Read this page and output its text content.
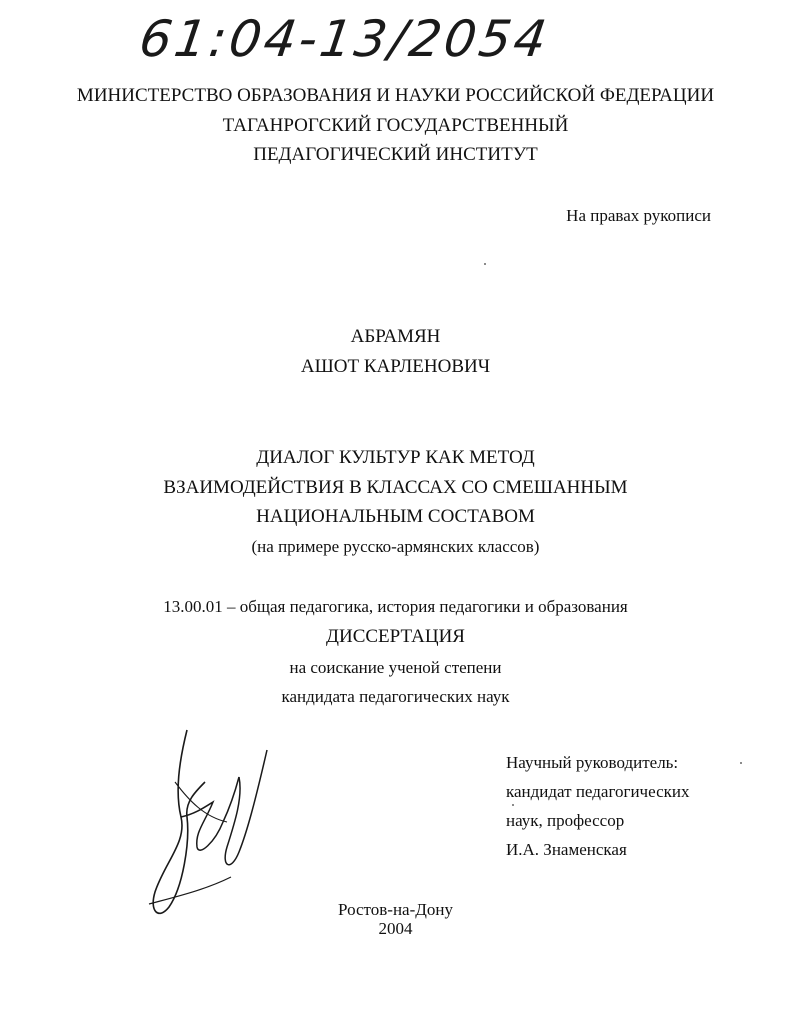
61:04-13/2054
МИНИСТЕРСТВО ОБРАЗОВАНИЯ И НАУКИ РОССИЙСКОЙ ФЕДЕРАЦИИ
ТАГАНРОГСКИЙ ГОСУДАРСТВЕННЫЙ
ПЕДАГОГИЧЕСКИЙ ИНСТИТУТ
На правах рукописи
АБРАМЯН
АШОТ КАРЛЕНОВИЧ
ДИАЛОГ КУЛЬТУР КАК МЕТОД
ВЗАИМОДЕЙСТВИЯ В КЛАССАХ СО СМЕШАННЫМ
НАЦИОНАЛЬНЫМ СОСТАВОМ
(на примере русско-армянских классов)
13.00.01 – общая педагогика, история педагогики и образования
ДИССЕРТАЦИЯ
на соискание ученой степени
кандидата педагогических наук
Научный руководитель:
кандидат педагогических
наук, профессор
И.А. Знаменская
Ростов-на-Дону
2004
